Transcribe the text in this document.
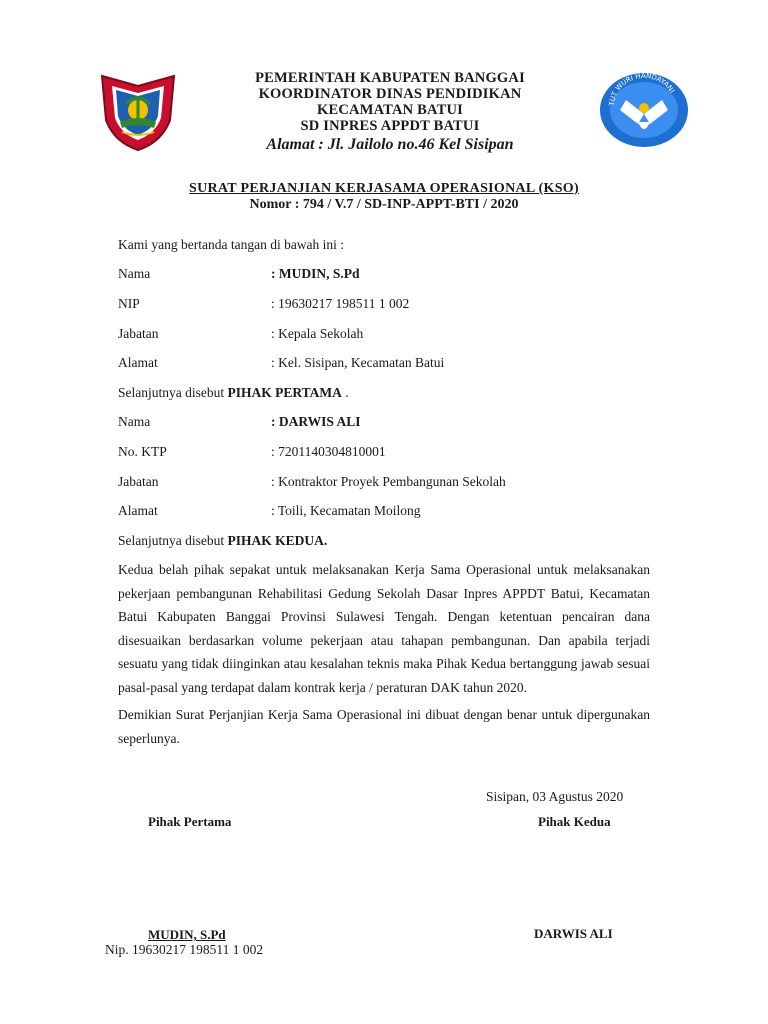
PEMERINTAH KABUPATEN BANGGAI
KOORDINATOR DINAS PENDIDIKAN
KECAMATAN BATUI
SD INPRES APPDT BATUI
Alamat : Jl. Jailolo no.46 Kel Sisipan
TUT WURI HANDAYANI
SURAT PERJANJIAN KERJASAMA OPERASIONAL (KSO)
Nomor : 794 / V.7 / SD-INP-APPT-BTI / 2020
Kami yang bertanda tangan di bawah ini :
Nama	: MUDIN, S.Pd
NIP	: 19630217 198511 1 002
Jabatan	: Kepala Sekolah
Alamat	: Kel. Sisipan, Kecamatan Batui
Selanjutnya disebut PIHAK PERTAMA .
Nama	: DARWIS ALI
No. KTP	: 7201140304810001
Jabatan	: Kontraktor Proyek Pembangunan Sekolah
Alamat	: Toili, Kecamatan Moilong
Selanjutnya disebut PIHAK KEDUA.
Kedua belah pihak sepakat untuk melaksanakan Kerja Sama Operasional untuk melaksanakan pekerjaan pembangunan Rehabilitasi Gedung Sekolah Dasar Inpres APPDT Batui, Kecamatan Batui Kabupaten Banggai Provinsi Sulawesi Tengah. Dengan ketentuan pencairan dana disesuaikan berdasarkan volume pekerjaan atau tahapan pembangunan. Dan apabila terjadi sesuatu yang tidak diinginkan atau kesalahan teknis maka Pihak Kedua bertanggung jawab sesuai pasal-pasal yang terdapat dalam kontrak kerja / peraturan DAK tahun 2020.
Demikian Surat Perjanjian Kerja Sama Operasional ini dibuat dengan benar untuk dipergunakan seperlunya.
Sisipan, 03 Agustus 2020
Pihak Pertama	Pihak Kedua
MUDIN, S.Pd
Nip. 19630217 198511 1 002
DARWIS ALI
